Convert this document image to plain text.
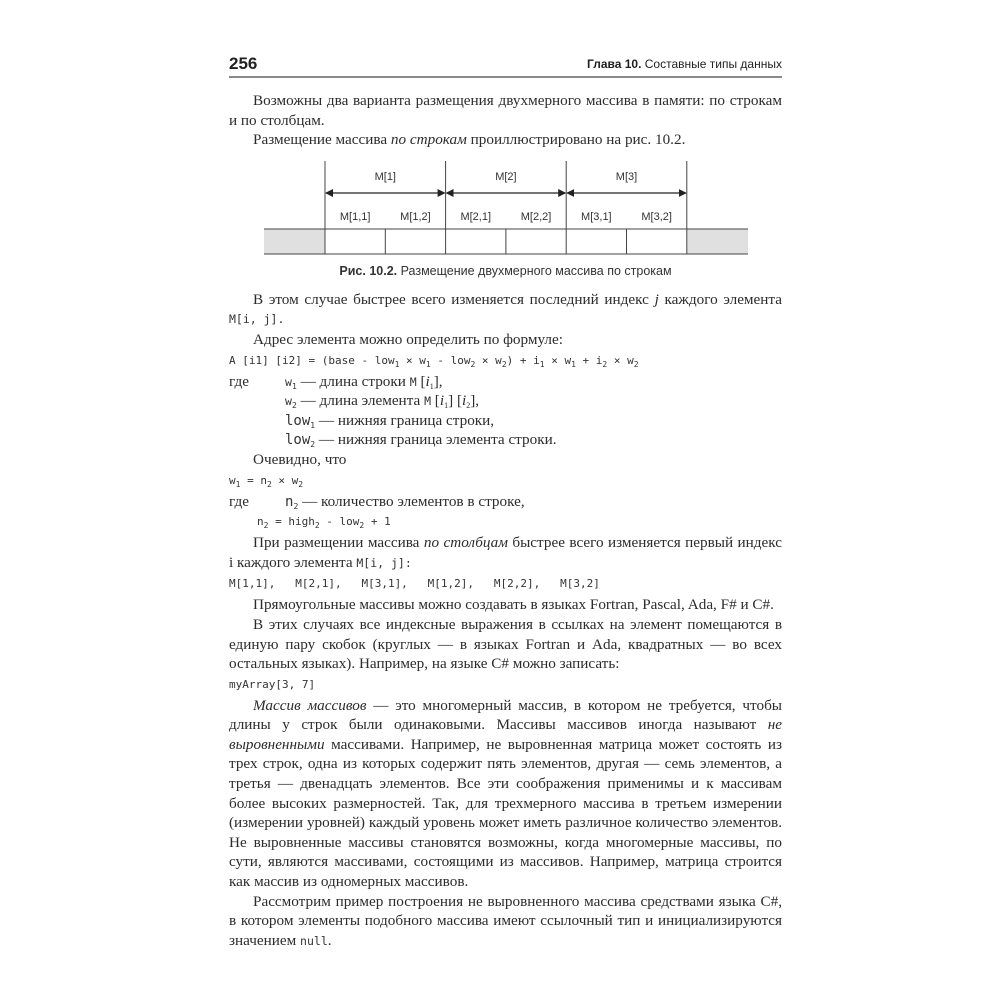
256	Глава 10. Составные типы данных

Возможны два варианта размещения двухмерного массива в памяти: по строкам и по столбцам.

Размещение массива по строкам проиллюстрировано на рис. 10.2.

M[1,1]	M[1,2]	M[2,1]	M[2,2]	M[3,1]	M[3,2]
M[1]	M[2]	M[3]

Рис. 10.2. Размещение двухмерного массива по строкам

В этом случае быстрее всего изменяется последний индекс j каждого элемента M[i, j].

Адрес элемента можно определить по формуле:

A [i1] [i2] = (base - $low_1 \times w_1 - low_2 \times w_2) + i_1 \times w_1 + i_2 \times w_2$
где	$w_1$ — длина строки M $[i_1]$,
$w_2$ — длина элемента M $[i_1]$ $[i_2]$,
low$_1$ — нижняя граница строки,
low$_2$ — нижняя граница элемента строки.

Очевидно, что

$w_1 = n_2 \times w_2$
где	$n_2$ — количество элементов в строке,
$n_2$ = high$_2$ - low$_2$ + 1

При размещении массива по столбцам быстрее всего изменяется первый индекс i каждого элемента M[i, j]:

M[1,1],   M[2,1],   M[3,1],   M[1,2],   M[2,2],   M[3,2]

Прямоугольные массивы можно создавать в языках Fortran, Pascal, Ada, F# и C#.

В этих случаях все индексные выражения в ссылках на элемент помещаются в единую пару скобок (круглых — в языках Fortran и Ada, квадратных — во всех остальных языках). Например, на языке C# можно записать:

myArray[3, 7]

Массив массивов — это многомерный массив, в котором не требуется, чтобы длины у строк были одинаковыми. Массивы массивов иногда называют не выровненными массивами. Например, не выровненная матрица может состоять из трех строк, одна из которых содержит пять элементов, другая — семь элементов, а третья — двенадцать элементов. Все эти соображения применимы и к массивам более высоких размерностей. Так, для трехмерного массива в третьем измерении (измерении уровней) каждый уровень может иметь различное количество элементов. Не выровненные массивы становятся возможны, когда многомерные массивы, по сути, являются массивами, состоящими из массивов. Например, матрица строится как массив из одномерных массивов.

Рассмотрим пример построения не выровненного массива средствами языка C#, в котором элементы подобного массива имеют ссылочный тип и инициализируются значением null.
